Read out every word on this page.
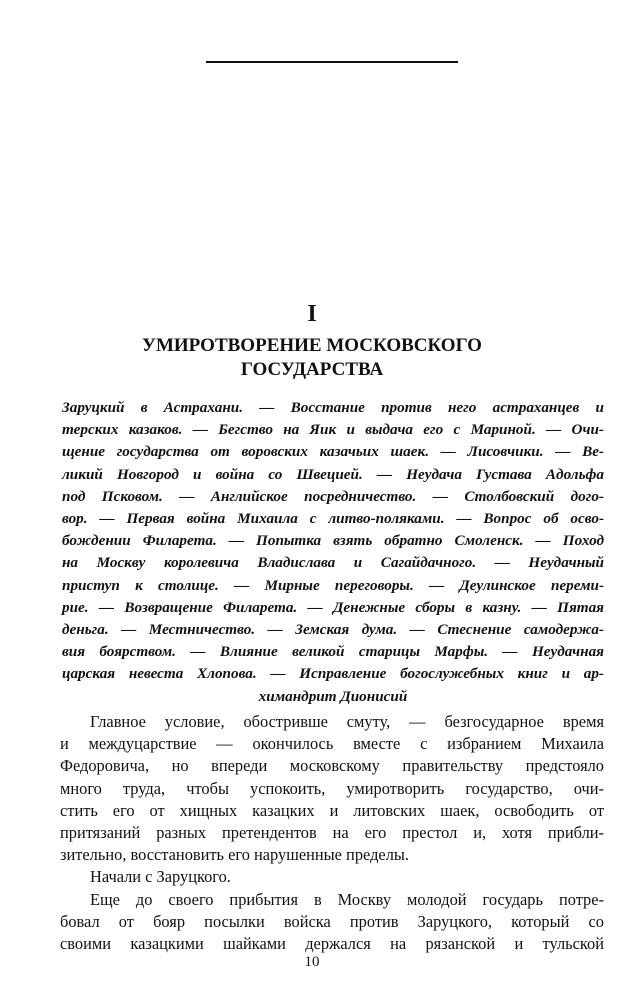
I
УМИРОТВОРЕНИЕ МОСКОВСКОГО
ГОСУДАРСТВА
Заруцкий в Астрахани. — Восстание против него астраханцев и
терских казаков. — Бегство на Яик и выдача его с Мариной. — Очи-
щение государства от воровских казачьих шаек. — Лисовчики. — Ве-
ликий Новгород и война со Швецией. — Неудача Густава Адольфа
под Псковом. — Английское посредничество. — Столбовский дого-
вор. — Первая война Михаила с литво-поляками. — Вопрос об осво-
бождении Филарета. — Попытка взять обратно Смоленск. — Поход
на Москву королевича Владислава и Сагайдачного. — Неудачный
приступ к столице. — Мирные переговоры. — Деулинское переми-
рие. — Возвращение Филарета. — Денежные сборы в казну. — Пятая
деньга. — Местничество. — Земская дума. — Стеснение самодержа-
вия боярством. — Влияние великой старицы Марфы. — Неудачная
царская невеста Хлопова. — Исправление богослужебных книг и ар-
химандрит Дионисий
Главное условие, обостривше смуту, — безгосударное время
и междуцарствие — окончилось вместе с избранием Михаила
Федоровича, но впереди московскому правительству предстояло
много труда, чтобы успокоить, умиротворить государство, очи-
стить его от хищных казацких и литовских шаек, освободить от
притязаний разных претендентов на его престол и, хотя прибли-
зительно, восстановить его нарушенные пределы.
Начали с Заруцкого.
Еще до своего прибытия в Москву молодой государь потре-
бовал от бояр посылки войска против Заруцкого, который со
своими казацкими шайками держался на рязанской и тульской
10
